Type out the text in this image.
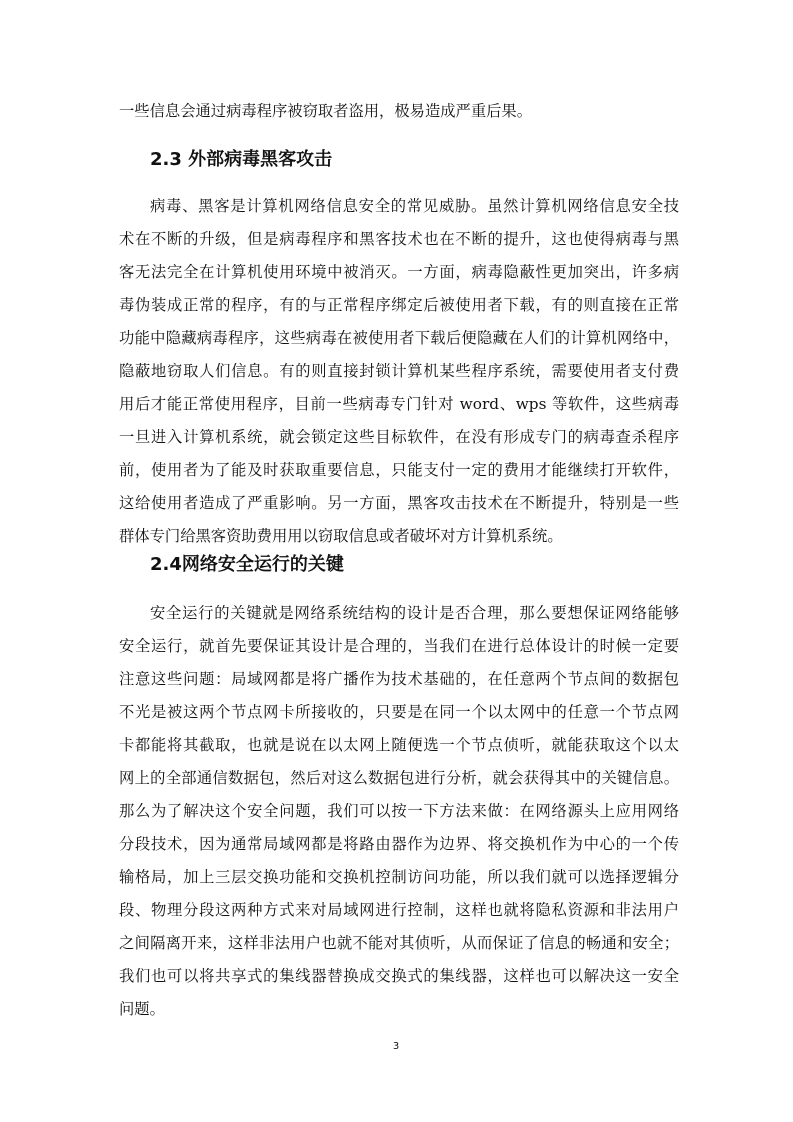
一些信息会通过病毒程序被窃取者盗用，极易造成严重后果。
2.3 外部病毒黑客攻击
病毒、黑客是计算机网络信息安全的常见威胁。虽然计算机网络信息安全技
术在不断的升级，但是病毒程序和黑客技术也在不断的提升，这也使得病毒与黑
客无法完全在计算机使用环境中被消灭。一方面，病毒隐蔽性更加突出，许多病
毒伪装成正常的程序，有的与正常程序绑定后被使用者下载，有的则直接在正常
功能中隐藏病毒程序，这些病毒在被使用者下载后便隐藏在人们的计算机网络中，
隐蔽地窃取人们信息。有的则直接封锁计算机某些程序系统，需要使用者支付费
用后才能正常使用程序，目前一些病毒专门针对 word、wps 等软件，这些病毒
一旦进入计算机系统，就会锁定这些目标软件，在没有形成专门的病毒查杀程序
前，使用者为了能及时获取重要信息，只能支付一定的费用才能继续打开软件，
这给使用者造成了严重影响。另一方面，黑客攻击技术在不断提升，特别是一些
群体专门给黑客资助费用用以窃取信息或者破坏对方计算机系统。
2.4网络安全运行的关键
安全运行的关键就是网络系统结构的设计是否合理，那么要想保证网络能够
安全运行，就首先要保证其设计是合理的，当我们在进行总体设计的时候一定要
注意这些问题：局域网都是将广播作为技术基础的，在任意两个节点间的数据包
不光是被这两个节点网卡所接收的，只要是在同一个以太网中的任意一个节点网
卡都能将其截取，也就是说在以太网上随便选一个节点侦听，就能获取这个以太
网上的全部通信数据包，然后对这么数据包进行分析，就会获得其中的关键信息。
那么为了解决这个安全问题，我们可以按一下方法来做：在网络源头上应用网络
分段技术，因为通常局域网都是将路由器作为边界、将交换机作为中心的一个传
输格局，加上三层交换功能和交换机控制访问功能，所以我们就可以选择逻辑分
段、物理分段这两种方式来对局域网进行控制，这样也就将隐私资源和非法用户
之间隔离开来，这样非法用户也就不能对其侦听，从而保证了信息的畅通和安全；
我们也可以将共享式的集线器替换成交换式的集线器，这样也可以解决这一安全
问题。
3
